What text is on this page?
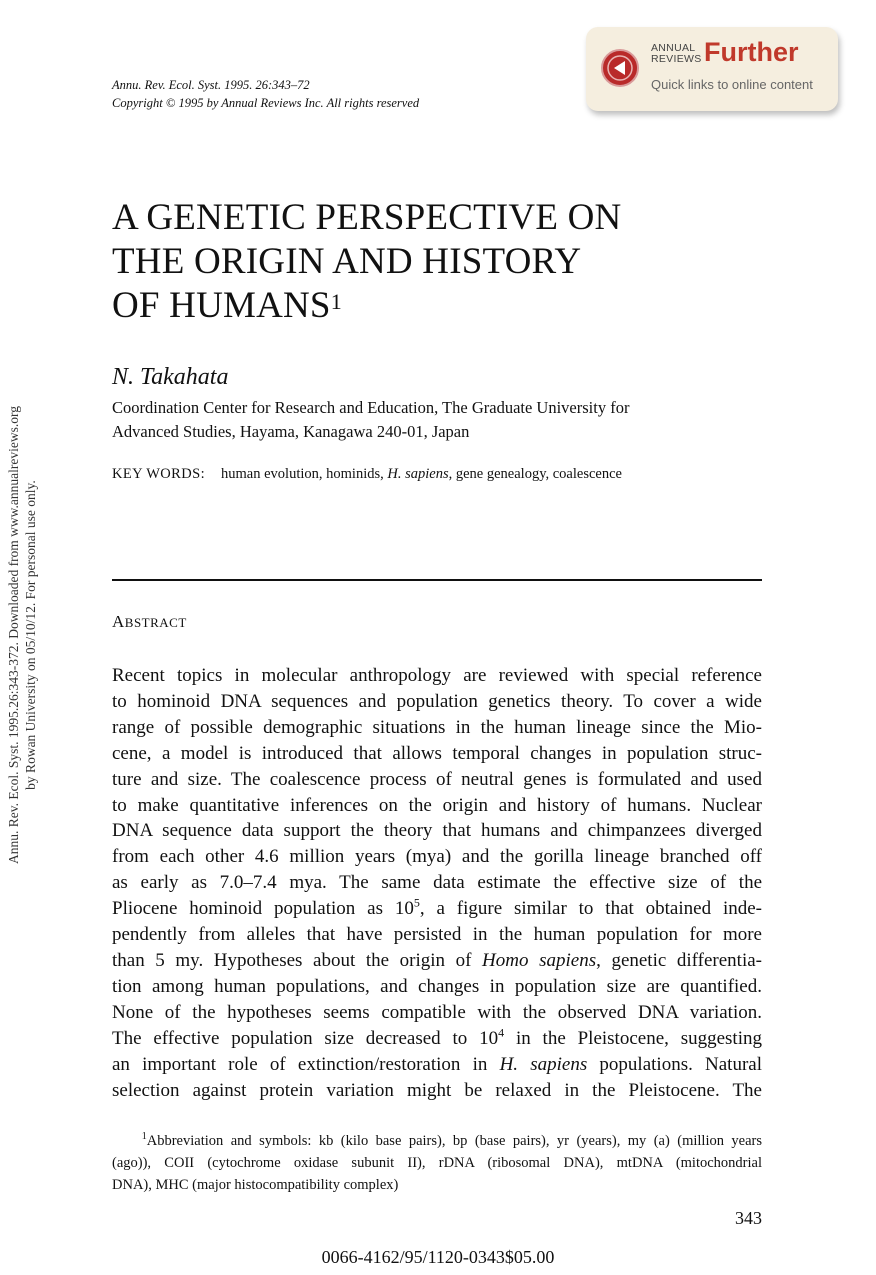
Annu. Rev. Ecol. Syst. 1995.26:343-372. Downloaded from www.annualreviews.org by Rowan University on 05/10/12. For personal use only.
Annu. Rev. Ecol. Syst. 1995. 26:343–72
Copyright © 1995 by Annual Reviews Inc. All rights reserved
ANNUAL
REVIEWS Further
Quick links to online content
A GENETIC PERSPECTIVE ON
THE ORIGIN AND HISTORY
OF HUMANS$^1$
N. Takahata
Coordination Center for Research and Education, The Graduate University for
Advanced Studies, Hayama, Kanagawa 240-01, Japan
KEY WORDS: human evolution, hominids, H. sapiens, gene genealogy, coalescence
ABSTRACT
Recent topics in molecular anthropology are reviewed with special reference
to hominoid DNA sequences and population genetics theory. To cover a wide
range of possible demographic situations in the human lineage since the Mio-
cene, a model is introduced that allows temporal changes in population struc-
ture and size. The coalescence process of neutral genes is formulated and used
to make quantitative inferences on the origin and history of humans. Nuclear
DNA sequence data support the theory that humans and chimpanzees diverged
from each other 4.6 million years (mya) and the gorilla lineage branched off
as early as 7.0–7.4 mya. The same data estimate the effective size of the
Pliocene hominoid population as $10^5$, a figure similar to that obtained inde-
pendently from alleles that have persisted in the human population for more
than 5 my. Hypotheses about the origin of Homo sapiens, genetic differentia-
tion among human populations, and changes in population size are quantified.
None of the hypotheses seems compatible with the observed DNA variation.
The effective population size decreased to $10^4$ in the Pleistocene, suggesting
an important role of extinction/restoration in H. sapiens populations. Natural
selection against protein variation might be relaxed in the Pleistocene. The
$^1$Abbreviation and symbols: kb (kilo base pairs), bp (base pairs), yr (years), my (a) (million years
(ago)), COII (cytochrome oxidase subunit II), rDNA (ribosomal DNA), mtDNA (mitochondrial
DNA), MHC (major histocompatibility complex)
343
0066-4162/95/1120-0343$05.00
